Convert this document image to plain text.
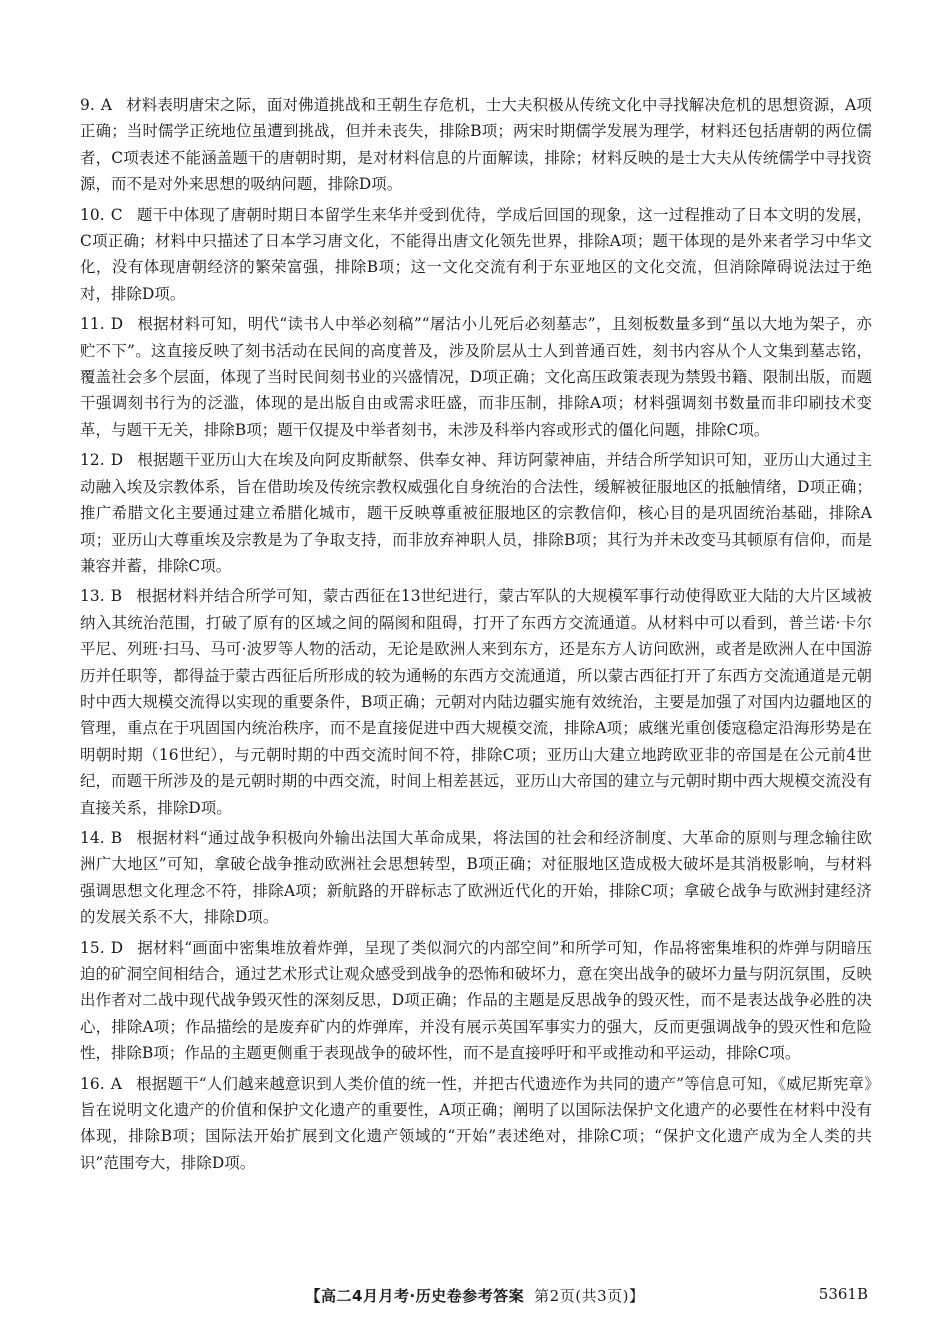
9. A 材料表明唐宋之际，面对佛道挑战和王朝生存危机，士大夫积极从传统文化中寻找解决危机的思想资源，A项正确；当时儒学正统地位虽遭到挑战，但并未丧失，排除B项；两宋时期儒学发展为理学，材料还包括唐朝的两位儒者，C项表述不能涵盖题干的唐朝时期，是对材料信息的片面解读，排除；材料反映的是士大夫从传统儒学中寻找资源，而不是对外来思想的吸纳问题，排除D项。

10. C 题干中体现了唐朝时期日本留学生来华并受到优待，学成后回国的现象，这一过程推动了日本文明的发展，C项正确；材料中只描述了日本学习唐文化，不能得出唐文化领先世界，排除A项；题干体现的是外来者学习中华文化，没有体现唐朝经济的繁荣富强，排除B项；这一文化交流有利于东亚地区的文化交流，但消除障碍说法过于绝对，排除D项。

11. D 根据材料可知，明代“读书人中举必刻稿”“屠沽小儿死后必刻墓志”，且刻板数量多到“虽以大地为架子，亦贮不下”。这直接反映了刻书活动在民间的高度普及，涉及阶层从士人到普通百姓，刻书内容从个人文集到墓志铭，覆盖社会多个层面，体现了当时民间刻书业的兴盛情况，D项正确；文化高压政策表现为禁毁书籍、限制出版，而题干强调刻书行为的泛滥，体现的是出版自由或需求旺盛，而非压制，排除A项；材料强调刻书数量而非印刷技术变革，与题干无关，排除B项；题干仅提及中举者刻书，未涉及科举内容或形式的僵化问题，排除C项。

12. D 根据题干亚历山大在埃及向阿皮斯献祭、供奉女神、拜访阿蒙神庙，并结合所学知识可知，亚历山大通过主动融入埃及宗教体系，旨在借助埃及传统宗教权威强化自身统治的合法性，缓解被征服地区的抵触情绪，D项正确；推广希腊文化主要通过建立希腊化城市，题干反映尊重被征服地区的宗教信仰，核心目的是巩固统治基础，排除A项；亚历山大尊重埃及宗教是为了争取支持，而非放弃神职人员，排除B项；其行为并未改变马其顿原有信仰，而是兼容并蓄，排除C项。

13. B 根据材料并结合所学可知，蒙古西征在13世纪进行，蒙古军队的大规模军事行动使得欧亚大陆的大片区域被纳入其统治范围，打破了原有的区域之间的隔阂和阻碍，打开了东西方交流通道。从材料中可以看到，普兰诺·卡尔平尼、列班·扫马、马可·波罗等人物的活动，无论是欧洲人来到东方，还是东方人访问欧洲，或者是欧洲人在中国游历并任职等，都得益于蒙古西征后所形成的较为通畅的东西方交流通道，所以蒙古西征打开了东西方交流通道是元朝时中西大规模交流得以实现的重要条件，B项正确；元朝对内陆边疆实施有效统治，主要是加强了对国内边疆地区的管理，重点在于巩固国内统治秩序，而不是直接促进中西大规模交流，排除A项；戚继光重创倭寇稳定沿海形势是在明朝时期（16世纪），与元朝时期的中西交流时间不符，排除C项；亚历山大建立地跨欧亚非的帝国是在公元前4世纪，而题干所涉及的是元朝时期的中西交流，时间上相差甚远，亚历山大帝国的建立与元朝时期中西大规模交流没有直接关系，排除D项。

14. B 根据材料“通过战争积极向外输出法国大革命成果，将法国的社会和经济制度、大革命的原则与理念输往欧洲广大地区”可知，拿破仑战争推动欧洲社会思想转型，B项正确；对征服地区造成极大破坏是其消极影响，与材料强调思想文化理念不符，排除A项；新航路的开辟标志了欧洲近代化的开始，排除C项；拿破仑战争与欧洲封建经济的发展关系不大，排除D项。

15. D 据材料“画面中密集堆放着炸弹，呈现了类似洞穴的内部空间”和所学可知，作品将密集堆积的炸弹与阴暗压迫的矿洞空间相结合，通过艺术形式让观众感受到战争的恐怖和破坏力，意在突出战争的破坏力量与阴沉氛围，反映出作者对二战中现代战争毁灭性的深刻反思，D项正确；作品的主题是反思战争的毁灭性，而不是表达战争必胜的决心，排除A项；作品描绘的是废弃矿内的炸弹库，并没有展示英国军事实力的强大，反而更强调战争的毁灭性和危险性，排除B项；作品的主题更侧重于表现战争的破坏性，而不是直接呼吁和平或推动和平运动，排除C项。

16. A 根据题干“人们越来越意识到人类价值的统一性，并把古代遗迹作为共同的遗产”等信息可知，《威尼斯宪章》旨在说明文化遗产的价值和保护文化遗产的重要性，A项正确；阐明了以国际法保护文化遗产的必要性在材料中没有体现，排除B项；国际法开始扩展到文化遗产领域的“开始”表述绝对，排除C项；“保护文化遗产成为全人类的共识”范围夸大，排除D项。

【高二4月月考·历史卷参考答案 第2页(共3页)】	5361B
